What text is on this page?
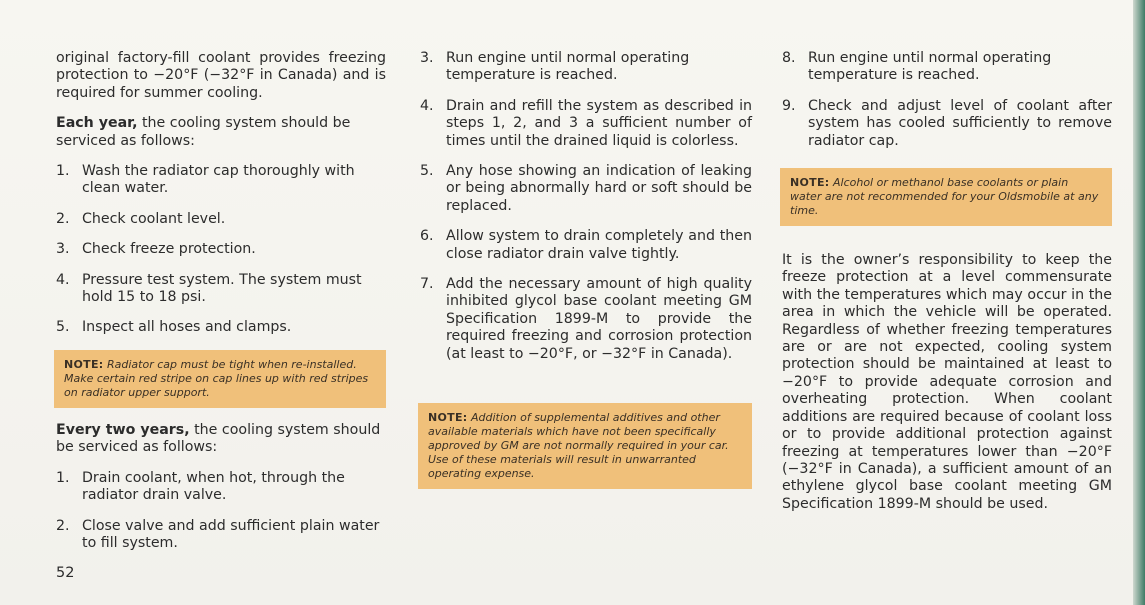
original factory-fill coolant provides freezing protection to −20°F (−32°F in Canada) and is required for summer cooling.

Each year, the cooling system should be serviced as follows:

1. Wash the radiator cap thoroughly with clean water.
2. Check coolant level.
3. Check freeze protection.
4. Pressure test system. The system must hold 15 to 18 psi.
5. Inspect all hoses and clamps.
NOTE: Radiator cap must be tight when re-installed. Make certain red stripe on cap lines up with red stripes on radiator upper support.

Every two years, the cooling system should be serviced as follows:

1. Drain coolant, when hot, through the radiator drain valve.
2. Close valve and add sufficient plain water to fill system.
52
3. Run engine until normal operating temperature is reached.
4. Drain and refill the system as described in steps 1, 2, and 3 a sufficient number of times until the drained liquid is colorless.
5. Any hose showing an indication of leaking or being abnormally hard or soft should be replaced.
6. Allow system to drain completely and then close radiator drain valve tightly.
7. Add the necessary amount of high quality inhibited glycol base coolant meeting GM Specification 1899-M to provide the required freezing and corrosion protection (at least to −20°F, or −32°F in Canada).
NOTE: Addition of supplemental additives and other available materials which have not been specifically approved by GM are not normally required in your car. Use of these materials will result in unwarranted operating expense.
8. Run engine until normal operating temperature is reached.
9. Check and adjust level of coolant after system has cooled sufficiently to remove radiator cap.
NOTE: Alcohol or methanol base coolants or plain water are not recommended for your Oldsmobile at any time.

It is the owner’s responsibility to keep the freeze protection at a level commensurate with the temperatures which may occur in the area in which the vehicle will be operated. Regardless of whether freezing temperatures are or are not expected, cooling system protection should be maintained at least to −20°F to provide adequate corrosion and overheating protection. When coolant additions are required because of coolant loss or to provide additional protection against freezing at temperatures lower than −20°F (−32°F in Canada), a sufficient amount of an ethylene glycol base coolant meeting GM Specification 1899-M should be used.
